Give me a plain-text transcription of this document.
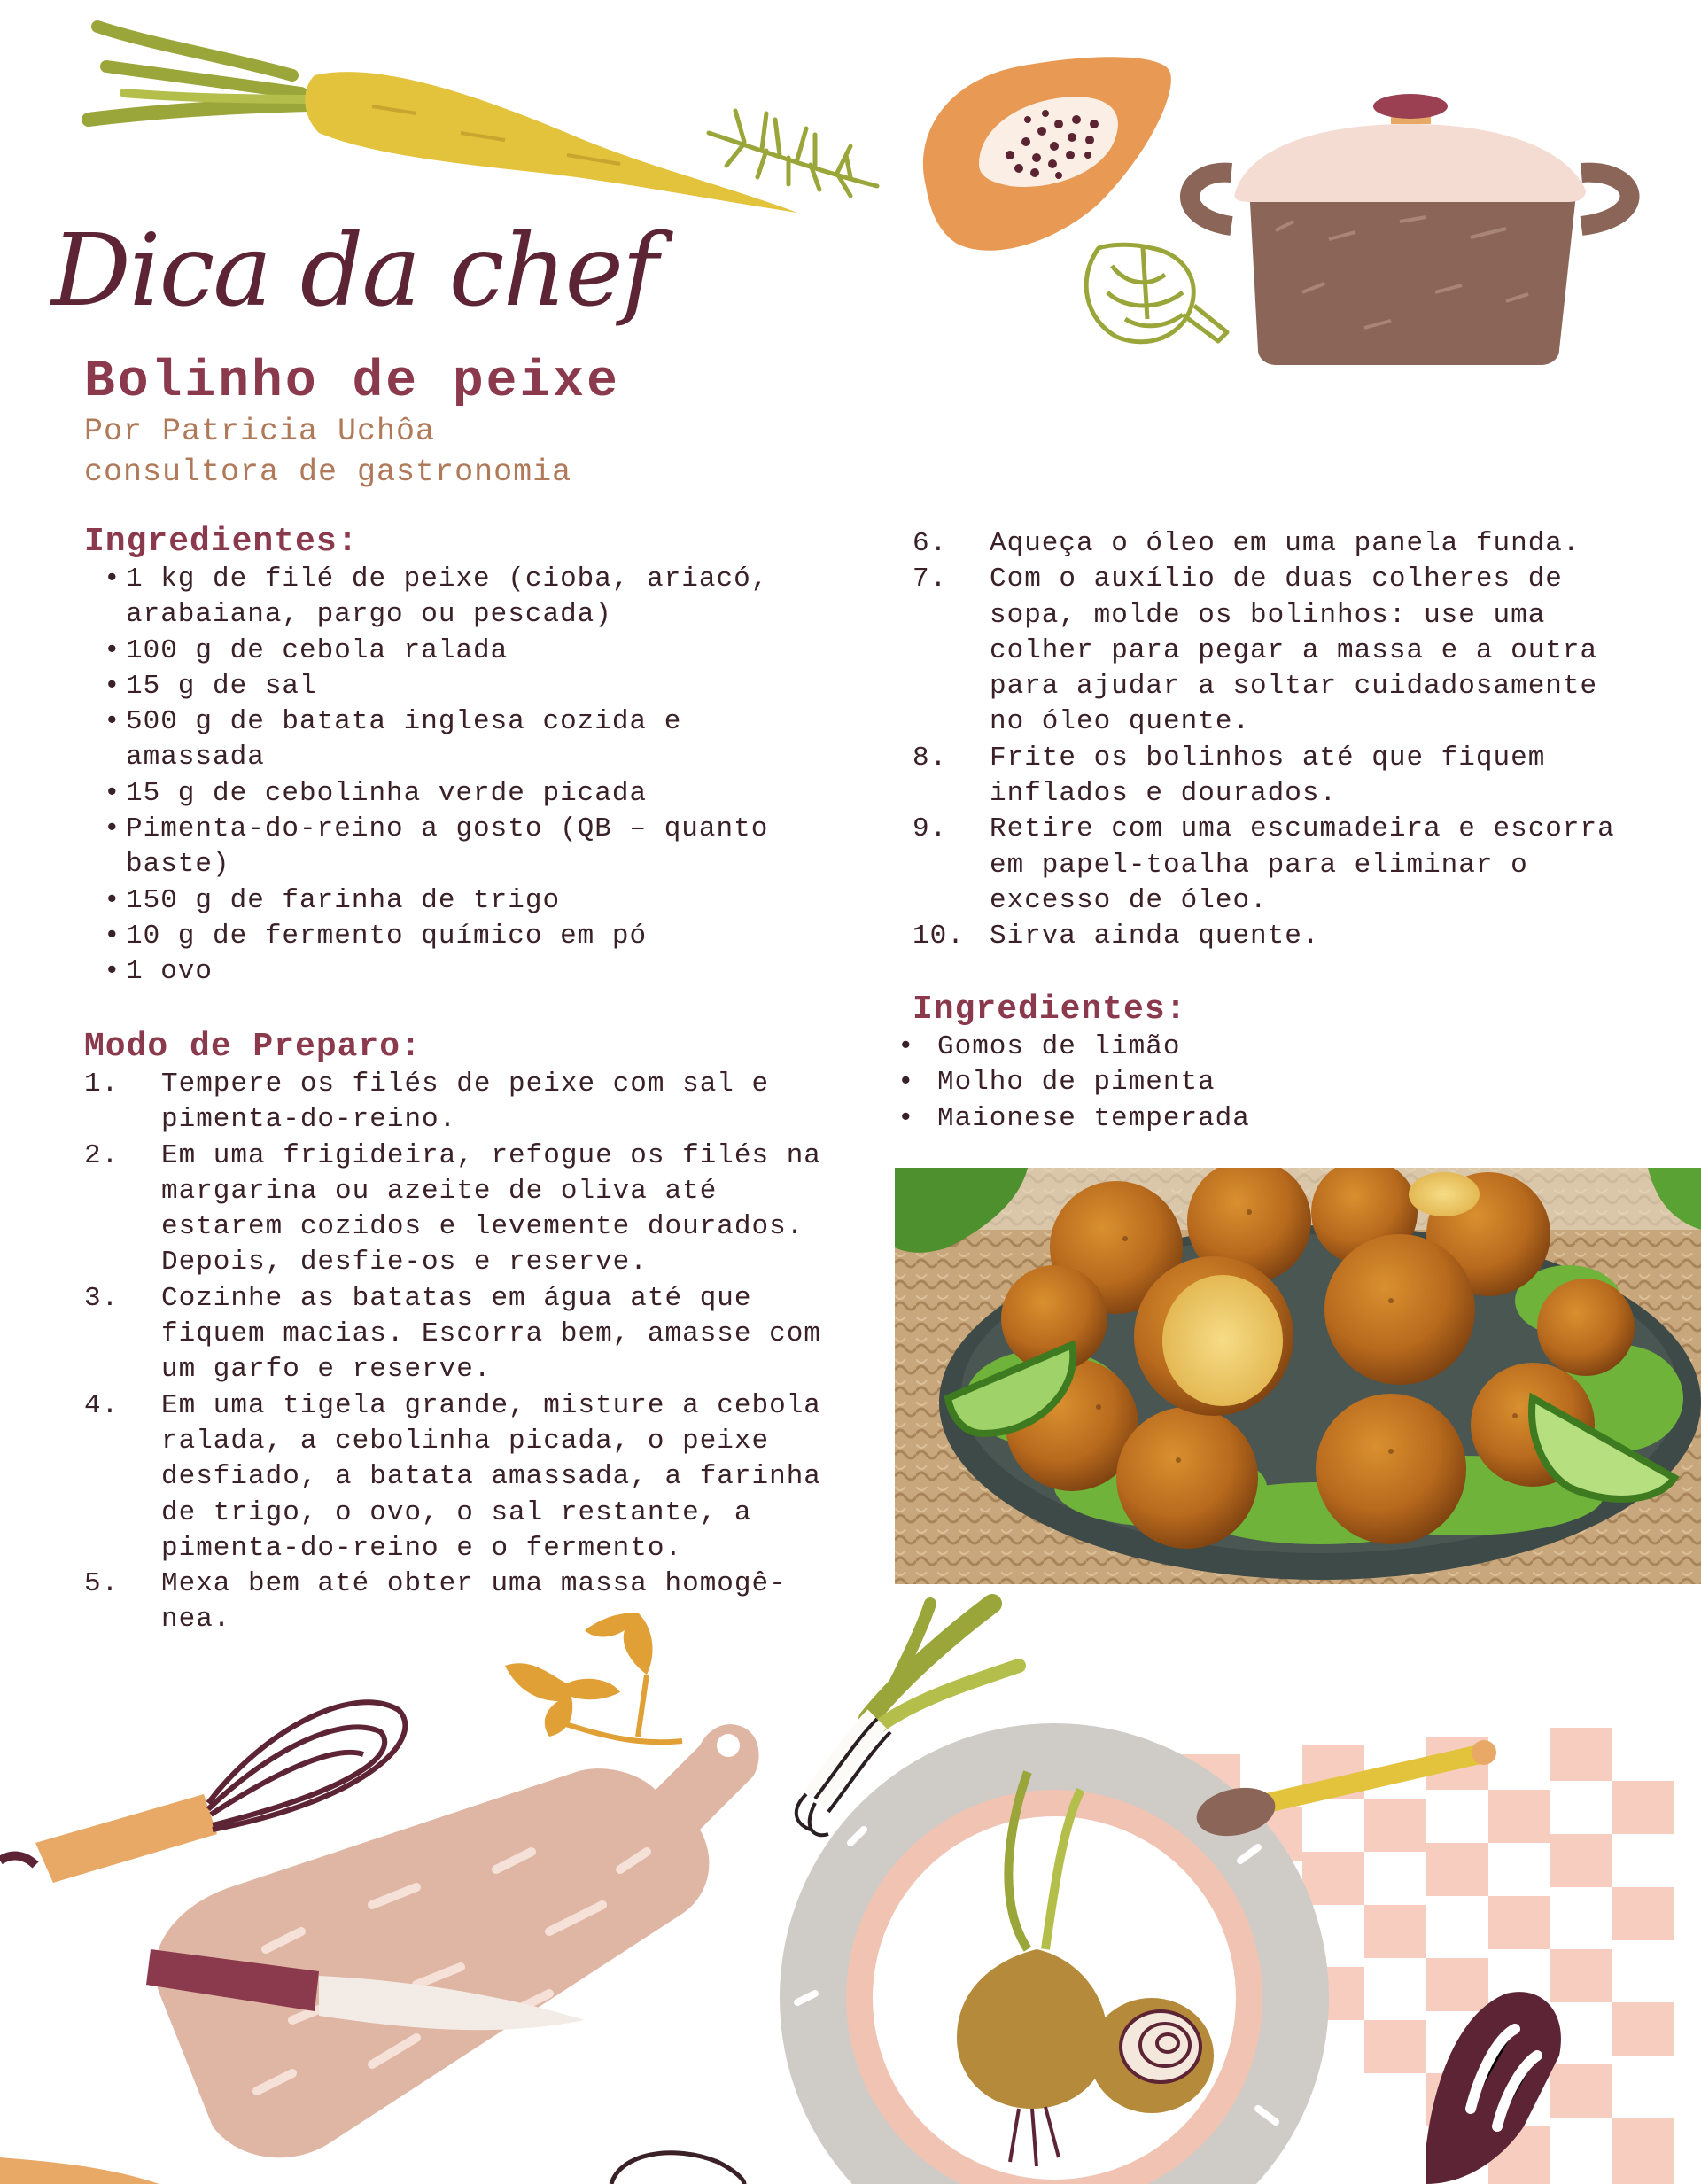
Dica da chef
Bolinho de peixe
Por Patricia Uchôa
consultora de gastronomia
Ingredientes:
• 1 kg de filé de peixe (cioba, ariacó, arabaiana, pargo ou pescada)
• 100 g de cebola ralada
• 15 g de sal
• 500 g de batata inglesa cozida e amassada
• 15 g de cebolinha verde picada
• Pimenta-do-reino a gosto (QB – quanto baste)
• 150 g de farinha de trigo
• 10 g de fermento químico em pó
• 1 ovo
Modo de Preparo:
1. Tempere os filés de peixe com sal e pimenta-do-reino.
2. Em uma frigideira, refogue os filés na margarina ou azeite de oliva até estarem cozidos e levemente dourados. Depois, desfie-os e reserve.
3. Cozinhe as batatas em água até que fiquem macias. Escorra bem, amasse com um garfo e reserve.
4. Em uma tigela grande, misture a cebola ralada, a cebolinha picada, o peixe desfiado, a batata amassada, a farinha de trigo, o ovo, o sal restante, a pimenta-do-reino e o fermento.
5. Mexa bem até obter uma massa homogê-nea.
6. Aqueça o óleo em uma panela funda.
7. Com o auxílio de duas colheres de sopa, molde os bolinhos: use uma colher para pegar a massa e a outra para ajudar a soltar cuidadosamente no óleo quente.
8. Frite os bolinhos até que fiquem inflados e dourados.
9. Retire com uma escumadeira e escorra em papel-toalha para eliminar o excesso de óleo.
10. Sirva ainda quente.
Ingredientes:
• Gomos de limão
• Molho de pimenta
• Maionese temperada
